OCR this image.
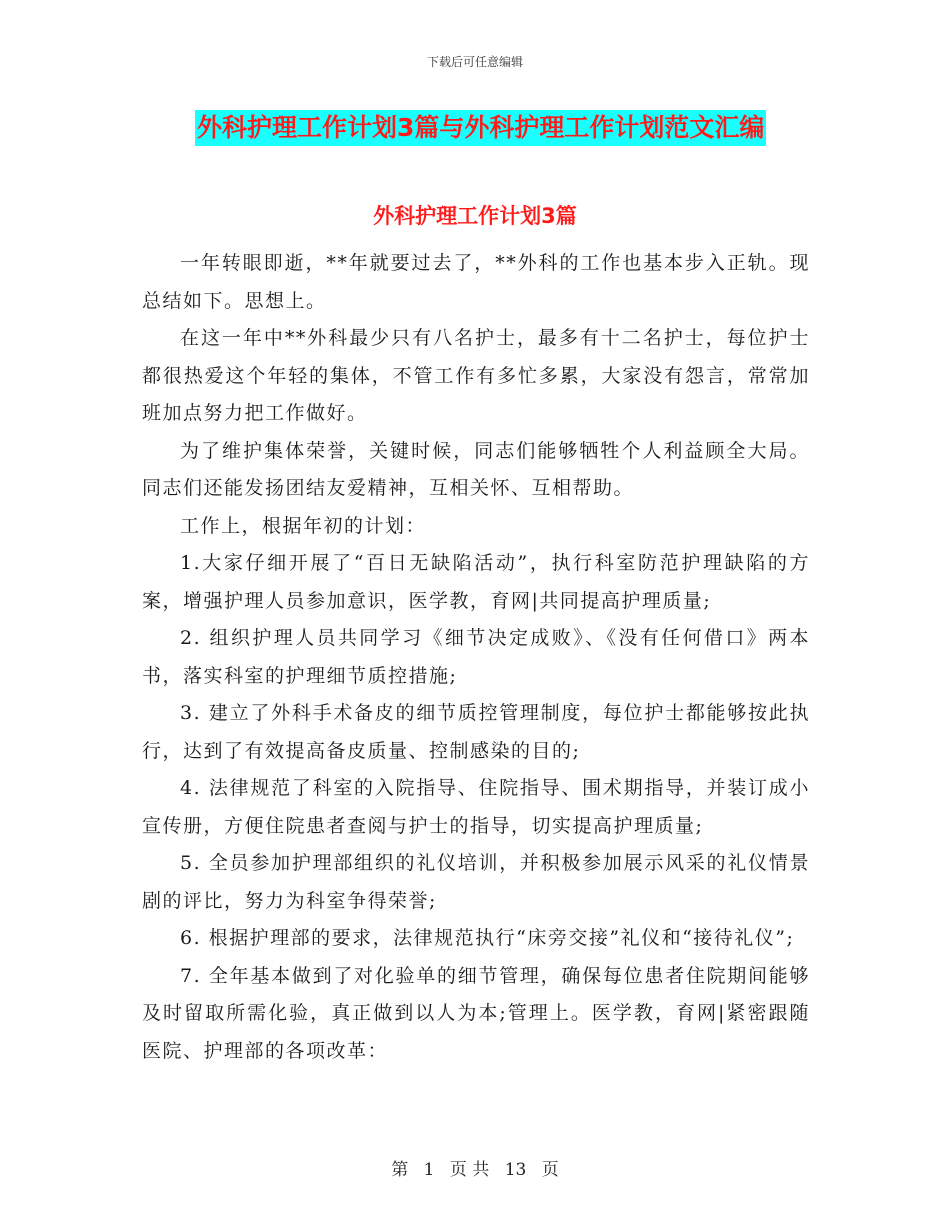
下载后可任意编辑
外科护理工作计划3篇与外科护理工作计划范文汇编
外科护理工作计划3篇

一年转眼即逝，**年就要过去了，**外科的工作也基本步入正轨。现总结如下。思想上。

在这一年中**外科最少只有八名护士，最多有十二名护士，每位护士都很热爱这个年轻的集体，不管工作有多忙多累，大家没有怨言，常常加班加点努力把工作做好。

为了维护集体荣誉，关键时候，同志们能够牺牲个人利益顾全大局。同志们还能发扬团结友爱精神，互相关怀、互相帮助。

工作上，根据年初的计划：

1.大家仔细开展了“百日无缺陷活动”，执行科室防范护理缺陷的方案，增强护理人员参加意识，医学教，育网|共同提高护理质量;

2. 组织护理人员共同学习《细节决定成败》、《没有任何借口》两本书，落实科室的护理细节质控措施;

3. 建立了外科手术备皮的细节质控管理制度，每位护士都能够按此执行，达到了有效提高备皮质量、控制感染的目的;

4. 法律规范了科室的入院指导、住院指导、围术期指导，并装订成小宣传册，方便住院患者查阅与护士的指导，切实提高护理质量;

5. 全员参加护理部组织的礼仪培训，并积极参加展示风采的礼仪情景剧的评比，努力为科室争得荣誉;

6. 根据护理部的要求，法律规范执行“床旁交接”礼仪和“接待礼仪”;

7. 全年基本做到了对化验单的细节管理，确保每位患者住院期间能够及时留取所需化验，真正做到以人为本;管理上。医学教，育网|紧密跟随医院、护理部的各项改革：

第 1 页 共 13 页
